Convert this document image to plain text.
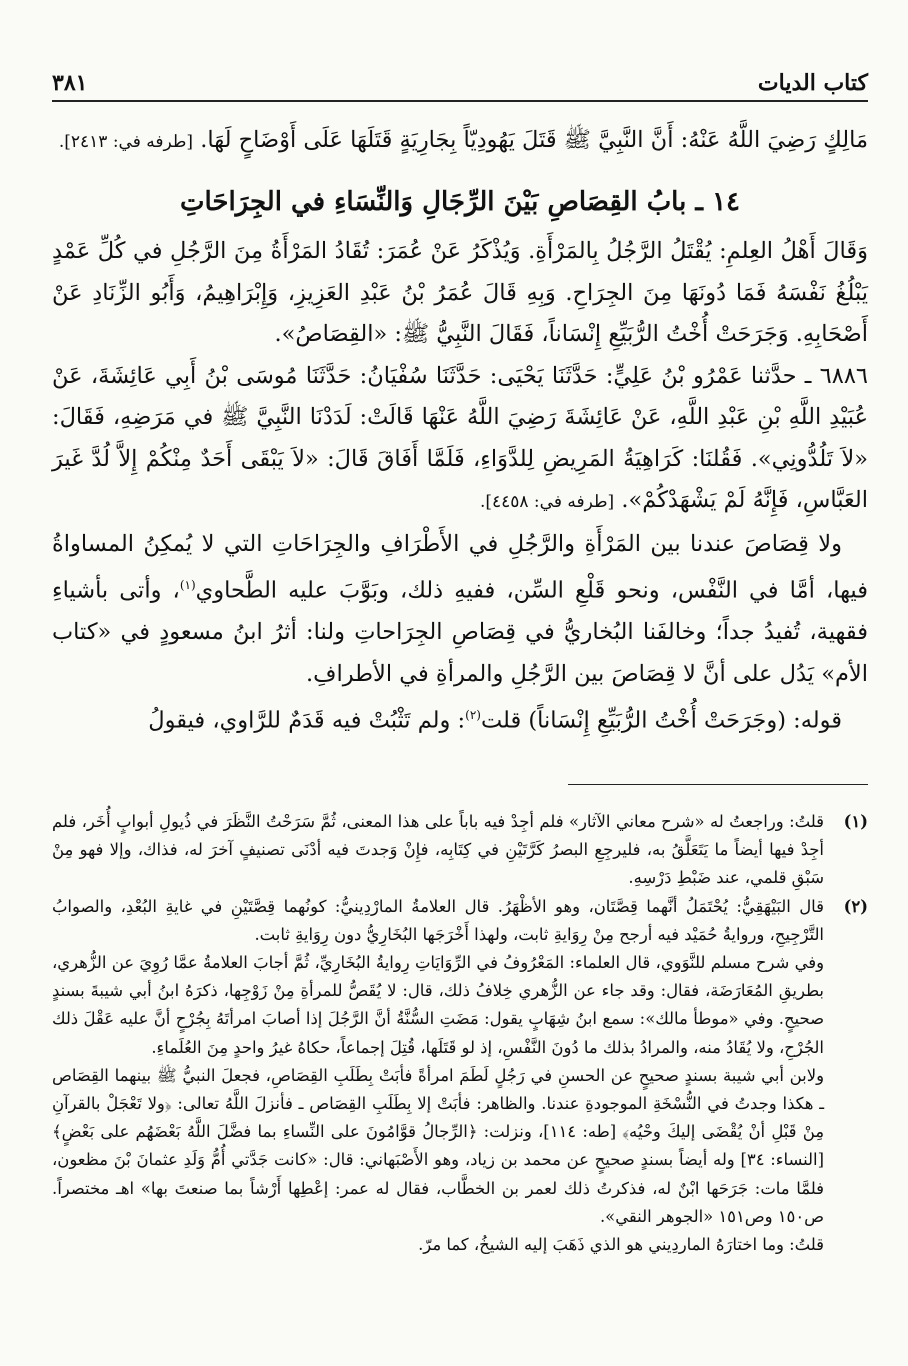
كتاب الديات
٣٨١

مَالِكٍ رَضِيَ اللَّهُ عَنْهُ: أَنَّ النَّبِيَّ ﷺ قَتَلَ يَهُودِيّاً بِجَارِيَةٍ قَتَلَهَا عَلَى أَوْضَاحٍ لَهَا. [طرفه في: ٢٤١٣].

١٤ ـ بابُ القِصَاصِ بَيْنَ الرِّجَالِ وَالنِّسَاءِ في الجِرَاحَاتِ

وَقَالَ أَهْلُ العِلمِ: يُقْتَلُ الرَّجُلُ بِالمَرْأَةِ. وَيُذْكَرُ عَنْ عُمَرَ: تُقَادُ المَرْأَةُ مِنَ الرَّجُلِ في كُلِّ عَمْدٍ يَبْلُغُ نَفْسَهُ فَمَا دُونَهَا مِنَ الجِرَاحِ. وَبِهِ قَالَ عُمَرُ بْنُ عَبْدِ العَزِيزِ، وَإِبْرَاهِيمُ، وَأَبُو الزِّنَادِ عَنْ أَصْحَابِهِ. وَجَرَحَتْ أُخْتُ الرُّبَيِّعِ إِنْسَاناً، فَقَالَ النَّبِيُّ ﷺ: «القِصَاصُ».

٦٨٨٦ ـ حدَّثنا عَمْرُو بْنُ عَلِيٍّ: حَدَّثَنَا يَحْيَى: حَدَّثَنَا سُفْيَانُ: حَدَّثَنَا مُوسَى بْنُ أَبِي عَائِشَةَ، عَنْ عُبَيْدِ اللَّهِ بْنِ عَبْدِ اللَّهِ، عَنْ عَائِشَةَ رَضِيَ اللَّهُ عَنْهَا قَالَتْ: لَدَدْنَا النَّبِيَّ ﷺ في مَرَضِهِ، فَقَالَ: «لاَ تَلُدُّونِي». فَقُلنَا: كَرَاهِيَةُ المَرِيضِ لِلدَّوَاءِ، فَلَمَّا أَفَاقَ قَالَ: «لاَ يَبْقَى أَحَدٌ مِنْكُمْ إِلاَّ لُدَّ غَيرَ العَبَّاسِ، فَإِنَّهُ لَمْ يَشْهَدْكُمْ». [طرفه في: ٤٤٥٨].

ولا قِصَاصَ عندنا بين المَرْأَةِ والرَّجُلِ في الأَطْرَافِ والجِرَاحَاتِ التي لا يُمكِنُ المساواةُ فيها، أمَّا في النَّفْس، ونحو قَلْعِ السِّن، ففيهِ ذلك، وبَوَّبَ عليه الطَّحاوي$^{(١)}$، وأتى بأشياءِ فقهية، تُفيدُ جداً؛ وخالفَنا البُخاريُّ في قِصَاصِ الجِرَاحاتِ ولنا: أثرُ ابنُ مسعودٍ في «كتاب الأم» يَدُل على أنَّ لا قِصَاصَ بين الرَّجُلِ والمرأةِ في الأطرافِ.

قوله: (وجَرَحَتْ أُخْتُ الرُّبَيِّعِ إِنْسَاناً) قلت$^{(٢)}$: ولم تَثْبُتْ فيه قَدَمٌ للرَّاوي، فيقولُ

(١)

قلتُ: وراجعتُ له «شرح معاني الآثار» فلم أجِدْ فيه باباً على هذا المعنى، ثُمَّ سَرَحْتُ النَّظَرَ في ذُيولِ أبوابٍ أُخَر، فلم أجِدْ فيها أيضاً ما يَتَعَلَّقُ به، فليرجِعِ البصرُ كَرَّتَيْنِ في كِتَابِه، فإِنْ وَجدتَ فيه أدْنَى تصنيفٍ آخرَ له، فذاك، وإلا فهو مِنْ سَبْقِ قلمي، عند ضَبْطِ دَرْسِهِ.

(٢)

قال البَيْهَقِيُّ: يُحْتَمَلُ أنَّهما قِصَّتَان، وهو الأظْهَرُ. قال العلامةُ المارْدِينيُّ: كونُهما قِصَّتَيْنِ في غايةِ البُعْدِ، والصوابُ التَّرْجِيحِ، وروايةُ حُمَيْد فيه أرجح مِنْ رِوَايةِ ثابت، ولهذا أَخْرَجَها البُخَارِيُّ دون رِوَايةِ ثابت.

وفي شرح مسلم للنَّوَوي، قال العلماء: المَعْرُوفُ في الرِّوَايَاتِ رِوايةُ البُخَارِيِّ، ثُمَّ أجابَ العلامةُ عمَّا رُوِيَ عن الزُّهري، بطريقِ المُعَارَضَة، فقال: وقد جاء عن الزُّهري خِلافُ ذلك، قال: لا يُقَصُّ للمرأةِ مِنْ زَوْجِها، ذكرَهُ ابنُ أبي شيبةَ بسندٍ صحيحٍ. وفي «موطأ مالك»: سمع ابنُ شِهَابٍ يقول: مَضَتِ السُّنَّةُ أنَّ الرَّجُلَ إذا أصابَ امرأتَهُ بِجُرْحٍ أنَّ عليه عَقْلَ ذلك الجُرْحِ، ولا يُقَادُ منه، والمرادُ بذلك ما دُونَ النَّفْسِ، إذ لو قَتَلَها، قُتِلَ إجماعاً، حكاهُ غيرُ واحدٍ مِنَ العُلَماءِ.

ولابن أبي شيبة بسندٍ صحيحٍ عن الحسنِ في رَجُلٍ لَطَمَ امرأةً فأبَتْ بِطَلَبِ القِصَاصِ، فجعلَ النبيُّ ﷺ بينهما القِصَاص ـ هكذا وجدتُ في النُّسْخَةِ الموجودةِ عندنا. والظاهر: فأبَتْ إلا بِطَلَبِ القِصَاص ـ فأنزلَ اللَّهُ تعالى: ﴿ولا تَعْجَلْ بالقرآنِ مِنْ قَبْلِ أنْ يُقْضَى إليكَ وحْيُه﴾ [طه: ١١٤]، ونزلت: ﴿الرِّجالُ قوَّامُونَ على النِّساءِ بما فضَّلَ اللَّهُ بَعْضَهُم على بَعْضٍ﴾ [النساء: ٣٤] وله أيضاً بسندٍ صحيحٍ عن محمد بن زياد، وهو الأَصْبَهاني: قال: «كانت جَدَّتي أُمُّ وَلَدِ عثمانَ بْنَ مظعون، فلمَّا مات: جَرَحَها ابْنٌ له، فذكرتُ ذلك لعمر بن الخطَّاب، فقال له عمر: إعْطِها أَرْشاً بما صنعتَ بها» اهـ مختصراً. ص١٥٠ وص١٥١ «الجوهر النقي».

قلتُ: وما اختارَهُ الماردِيني هو الذي ذَهَبَ إليه الشيخُ، كما مرّ.
